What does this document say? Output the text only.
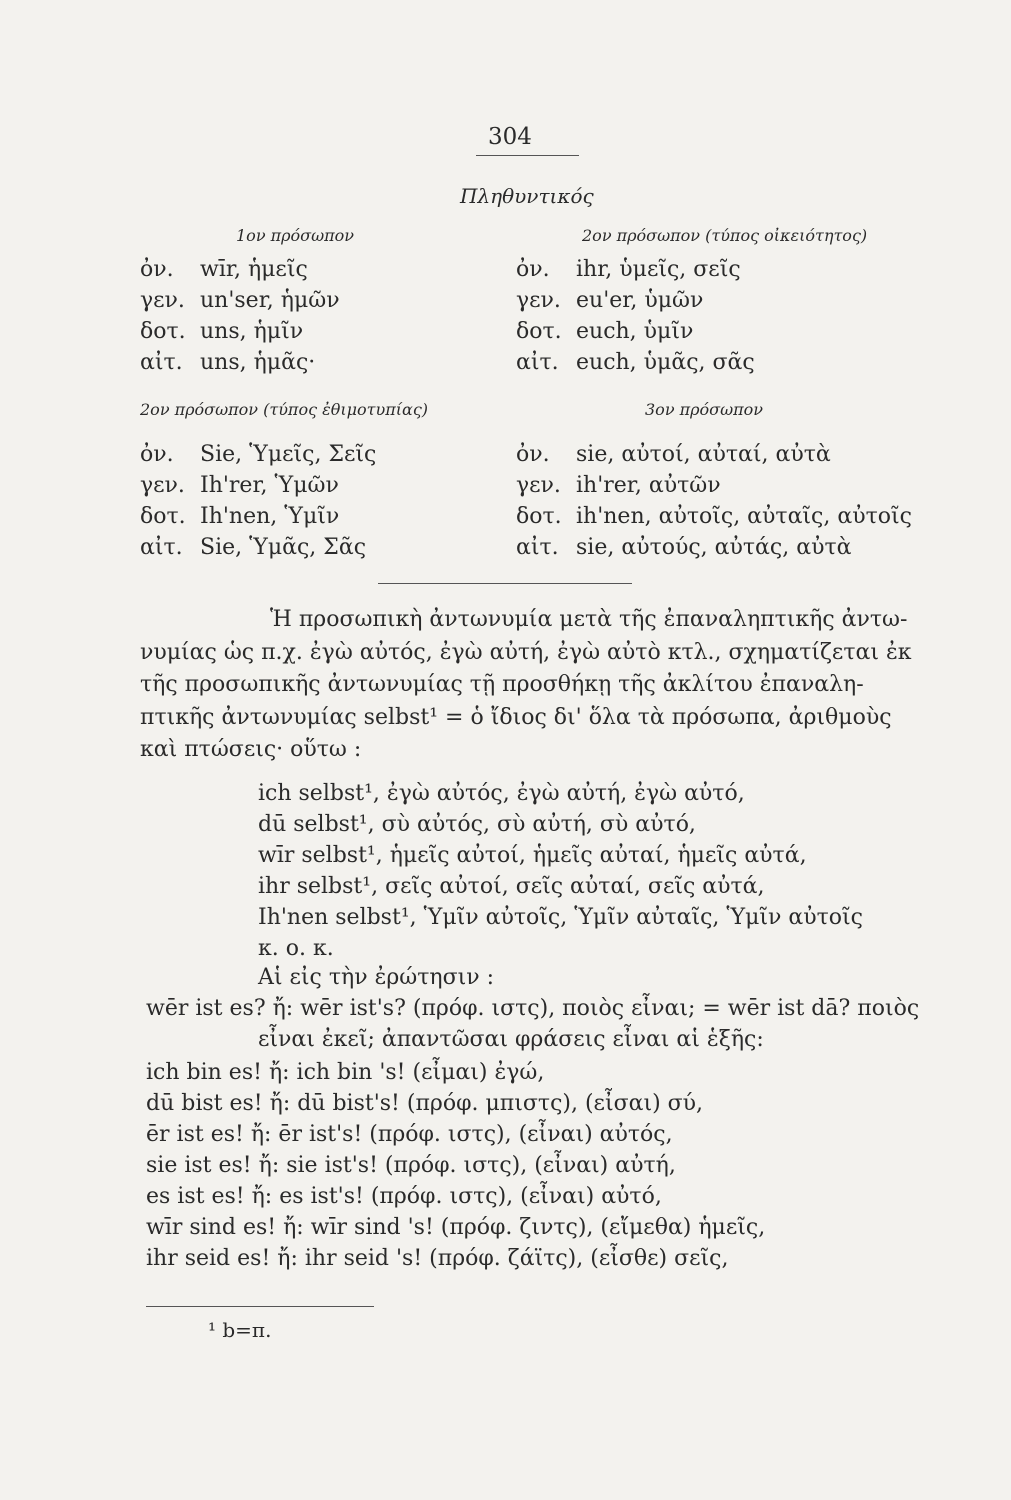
304
Πληθυντικός
1ον πρόσωπον
ὀν. wīr, ἡμεῖς
γεν. un'ser, ἡμῶν
δοτ. uns, ἡμῖν
αἰτ. uns, ἡμᾶς·
2ον πρόσωπον (τύπος ἐθιμοτυπίας)
ὀν. Sie, Ὑμεῖς, Σεῖς
γεν. Ih'rer, Ὑμῶν
δοτ. Ih'nen, Ὑμῖν
αἰτ. Sie, Ὑμᾶς, Σᾶς
2ον πρόσωπον (τύπος οἰκειότητος)
ὀν. ihr, ὑμεῖς, σεῖς
γεν. eu'er, ὑμῶν
δοτ. euch, ὑμῖν
αἰτ. euch, ὑμᾶς, σᾶς
3ον πρόσωπον
ὀν. sie, αὐτοί, αὐταί, αὐτὰ
γεν. ih'rer, αὐτῶν
δοτ. ih'nen, αὐτοῖς, αὐταῖς, αὐτοῖς
αἰτ. sie, αὐτούς, αὐτάς, αὐτὰ
Ἡ προσωπικὴ ἀντωνυμία μετὰ τῆς ἐπαναληπτικῆς ἀντω-
νυμίας ὡς π.χ. ἐγὼ αὐτός, ἐγὼ αὐτή, ἐγὼ αὐτὸ κτλ., σχηματίζεται ἐκ
τῆς προσωπικῆς ἀντωνυμίας τῇ προσθήκῃ τῆς ἀκλίτου ἐπαναλη-
πτικῆς ἀντωνυμίας selbst¹ = ὁ ἴδιος δι' ὅλα τὰ πρόσωπα, ἀριθμοὺς
καὶ πτώσεις· οὕτω :
ich selbst¹, ἐγὼ αὐτός, ἐγὼ αὐτή, ἐγὼ αὐτό,
dū selbst¹, σὺ αὐτός, σὺ αὐτή, σὺ αὐτό,
wīr selbst¹, ἡμεῖς αὐτοί, ἡμεῖς αὐταί, ἡμεῖς αὐτά,
ihr selbst¹, σεῖς αὐτοί, σεῖς αὐταί, σεῖς αὐτά,
Ih'nen selbst¹, Ὑμῖν αὐτοῖς, Ὑμῖν αὐταῖς, Ὑμῖν αὐτοῖς
κ. ο. κ.
Αἱ εἰς τὴν ἐρώτησιν :
wēr ist es? ἤ: wēr ist's? (πρόφ. ιστς), ποιὸς εἶναι; = wēr ist dā? ποιὸς
εἶναι ἐκεῖ; ἀπαντῶσαι φράσεις εἶναι αἱ ἑξῆς:
ich bin es! ἤ: ich bin 's! (εἶμαι) ἐγώ,
dū bist es! ἤ: dū bist's! (πρόφ. μπιστς), (εἶσαι) σύ,
ēr ist es! ἤ: ēr ist's! (πρόφ. ιστς), (εἶναι) αὐτός,
sie ist es! ἤ: sie ist's! (πρόφ. ιστς), (εἶναι) αὐτή,
es ist es! ἤ: es ist's! (πρόφ. ιστς), (εἶναι) αὐτό,
wīr sind es! ἤ: wīr sind 's! (πρόφ. ζιντς), (εἴμεθα) ἡμεῖς,
ihr seid es! ἤ: ihr seid 's! (πρόφ. ζάϊτς), (εἶσθε) σεῖς,
¹ b=π.
